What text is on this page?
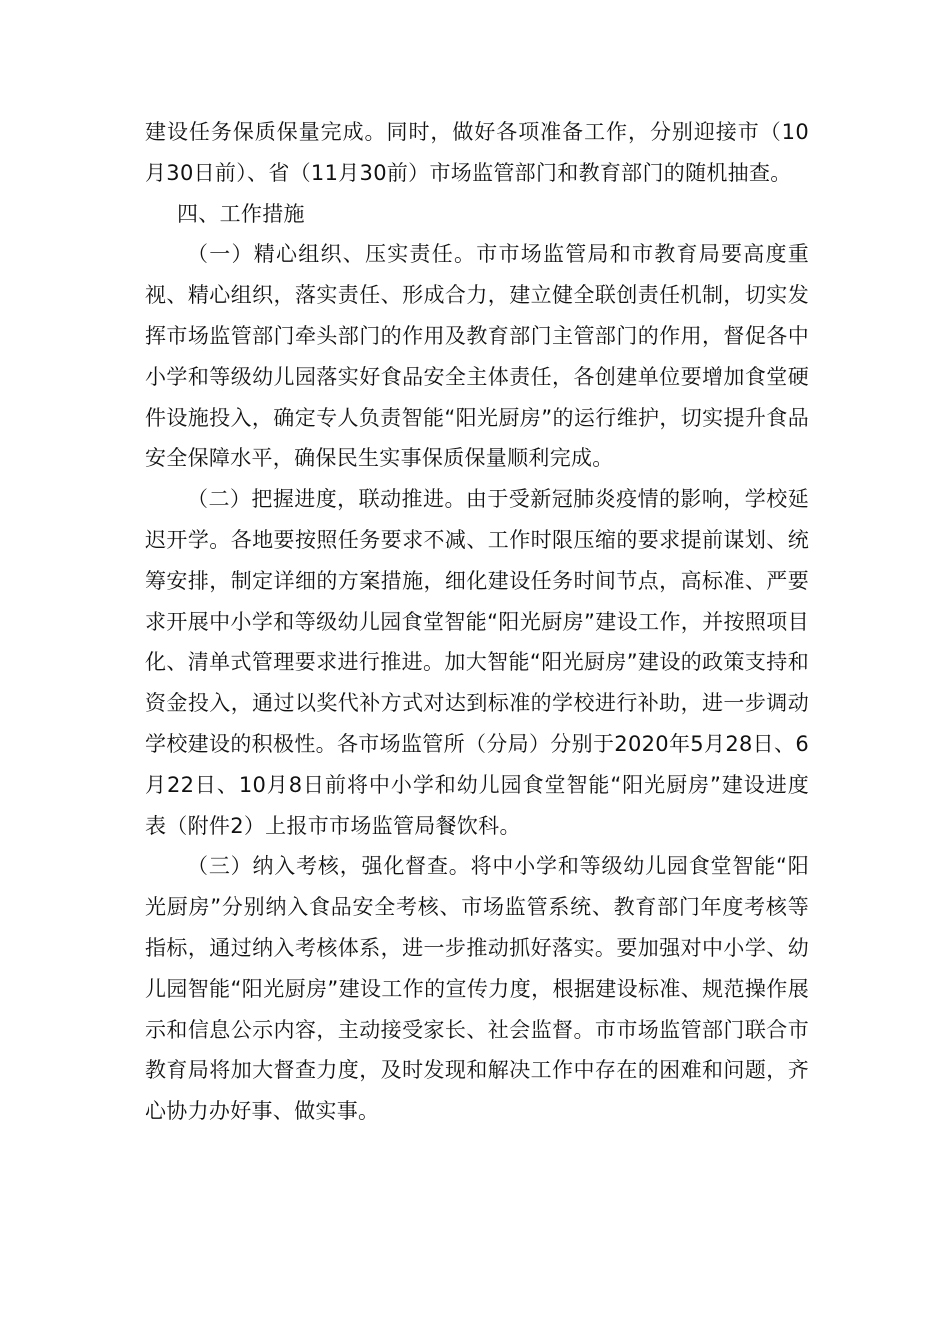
建设任务保质保量完成。同时，做好各项准备工作，分别迎接市（10月30日前）、省（11月30前）市场监管部门和教育部门的随机抽查。

四、工作措施

（一）精心组织、压实责任。市市场监管局和市教育局要高度重视、精心组织，落实责任、形成合力，建立健全联创责任机制，切实发挥市场监管部门牵头部门的作用及教育部门主管部门的作用，督促各中小学和等级幼儿园落实好食品安全主体责任，各创建单位要增加食堂硬件设施投入，确定专人负责智能“阳光厨房”的运行维护，切实提升食品安全保障水平，确保民生实事保质保量顺利完成。

（二）把握进度，联动推进。由于受新冠肺炎疫情的影响，学校延迟开学。各地要按照任务要求不减、工作时限压缩的要求提前谋划、统筹安排，制定详细的方案措施，细化建设任务时间节点，高标准、严要求开展中小学和等级幼儿园食堂智能“阳光厨房”建设工作，并按照项目化、清单式管理要求进行推进。加大智能“阳光厨房”建设的政策支持和资金投入，通过以奖代补方式对达到标准的学校进行补助，进一步调动学校建设的积极性。各市场监管所（分局）分别于2020年5月28日、6月22日、10月8日前将中小学和幼儿园食堂智能“阳光厨房”建设进度表（附件2）上报市市场监管局餐饮科。

（三）纳入考核，强化督查。将中小学和等级幼儿园食堂智能“阳光厨房”分别纳入食品安全考核、市场监管系统、教育部门年度考核等指标，通过纳入考核体系，进一步推动抓好落实。要加强对中小学、幼儿园智能“阳光厨房”建设工作的宣传力度，根据建设标准、规范操作展示和信息公示内容，主动接受家长、社会监督。市市场监管部门联合市教育局将加大督查力度，及时发现和解决工作中存在的困难和问题，齐心协力办好事、做实事。
